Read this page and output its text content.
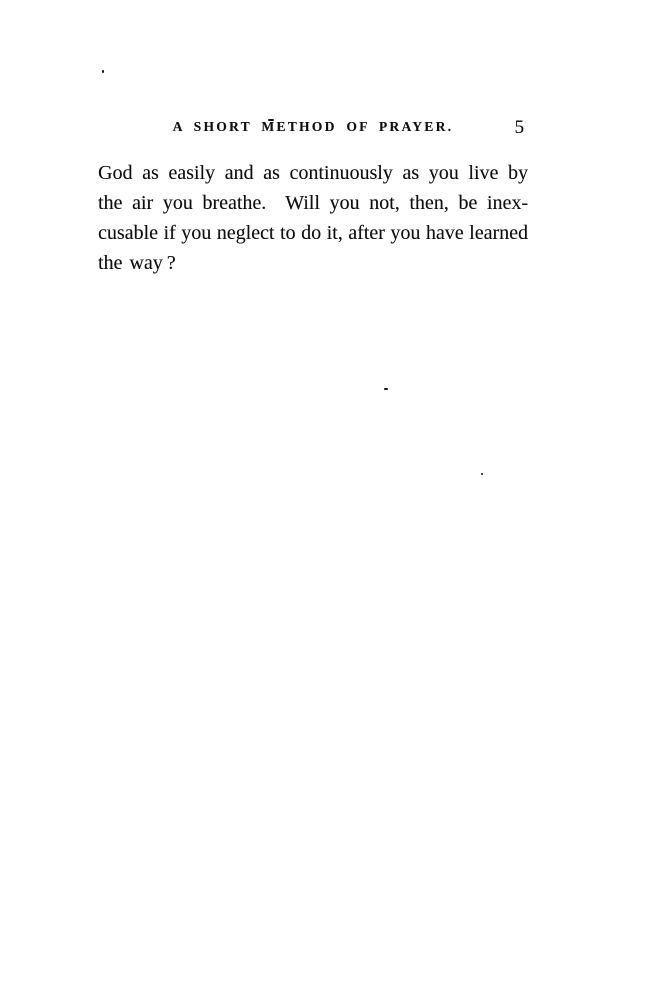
A SHORT METHOD OF PRAYER.	5
God as easily and as continuously as you live by
the air you breathe.  Will you not, then, be inex-
cusable if you neglect to do it, after you have learned
the way ?
